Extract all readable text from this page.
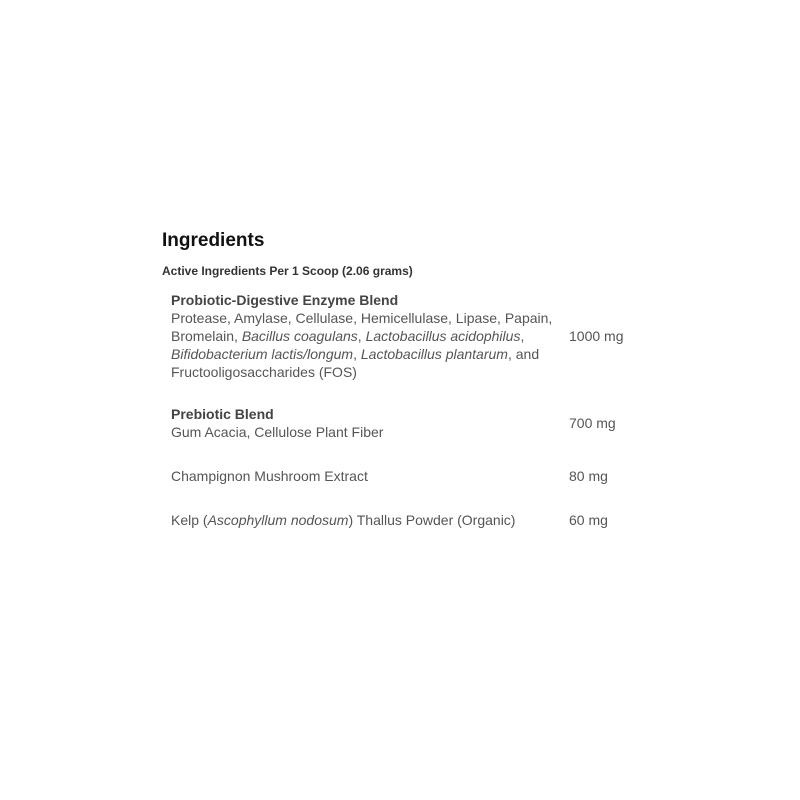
Ingredients
Active Ingredients Per 1 Scoop (2.06 grams)
Probiotic-Digestive Enzyme Blend
Protease, Amylase, Cellulase, Hemicellulase, Lipase, Papain, Bromelain, Bacillus coagulans, Lactobacillus acidophilus, Bifidobacterium lactis/longum, Lactobacillus plantarum, and Fructooligosaccharides (FOS)
1000 mg
Prebiotic Blend
Gum Acacia, Cellulose Plant Fiber
700 mg
Champignon Mushroom Extract	80 mg
Kelp (Ascophyllum nodosum) Thallus Powder (Organic)	60 mg
